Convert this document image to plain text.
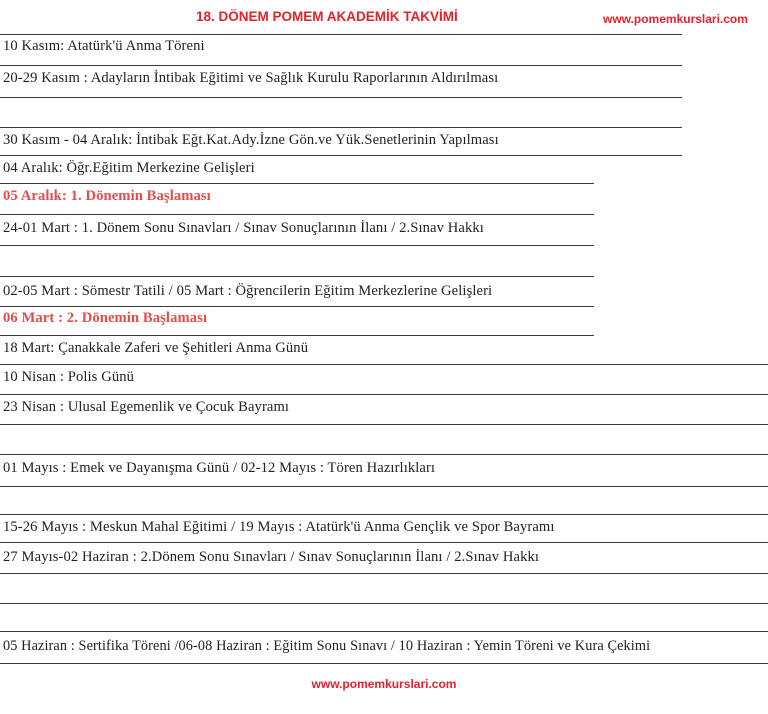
18. DÖNEM POMEM AKADEMİK TAKVİMİ	www.pomemkurslari.com
10 Kasım: Atatürk'ü Anma Töreni
20-29 Kasım : Adayların İntibak Eğitimi ve Sağlık Kurulu Raporlarının Aldırılması
30 Kasım - 04 Aralık: İntibak Eğt.Kat.Ady.İzne Gön.ve Yük.Senetlerinin Yapılması
04 Aralık: Öğr.Eğitim Merkezine Gelişleri
05 Aralık: 1. Dönemin Başlaması
24-01 Mart : 1. Dönem Sonu Sınavları / Sınav Sonuçlarının İlanı / 2.Sınav Hakkı
02-05 Mart : Sömestr Tatili / 05 Mart : Öğrencilerin Eğitim Merkezlerine Gelişleri
06 Mart : 2. Dönemin Başlaması
18 Mart: Çanakkale Zaferi ve Şehitleri Anma Günü
10 Nisan : Polis Günü
23 Nisan : Ulusal Egemenlik ve Çocuk Bayramı
01 Mayıs : Emek ve Dayanışma Günü / 02-12 Mayıs : Tören Hazırlıkları
15-26 Mayıs : Meskun Mahal Eğitimi / 19 Mayıs : Atatürk'ü Anma Gençlik ve Spor Bayramı
27 Mayıs-02 Haziran : 2.Dönem Sonu Sınavları / Sınav Sonuçlarının İlanı / 2.Sınav Hakkı
05 Haziran : Sertifika Töreni /06-08 Haziran : Eğitim Sonu Sınavı / 10 Haziran : Yemin Töreni ve Kura Çekimi
www.pomemkurslari.com
